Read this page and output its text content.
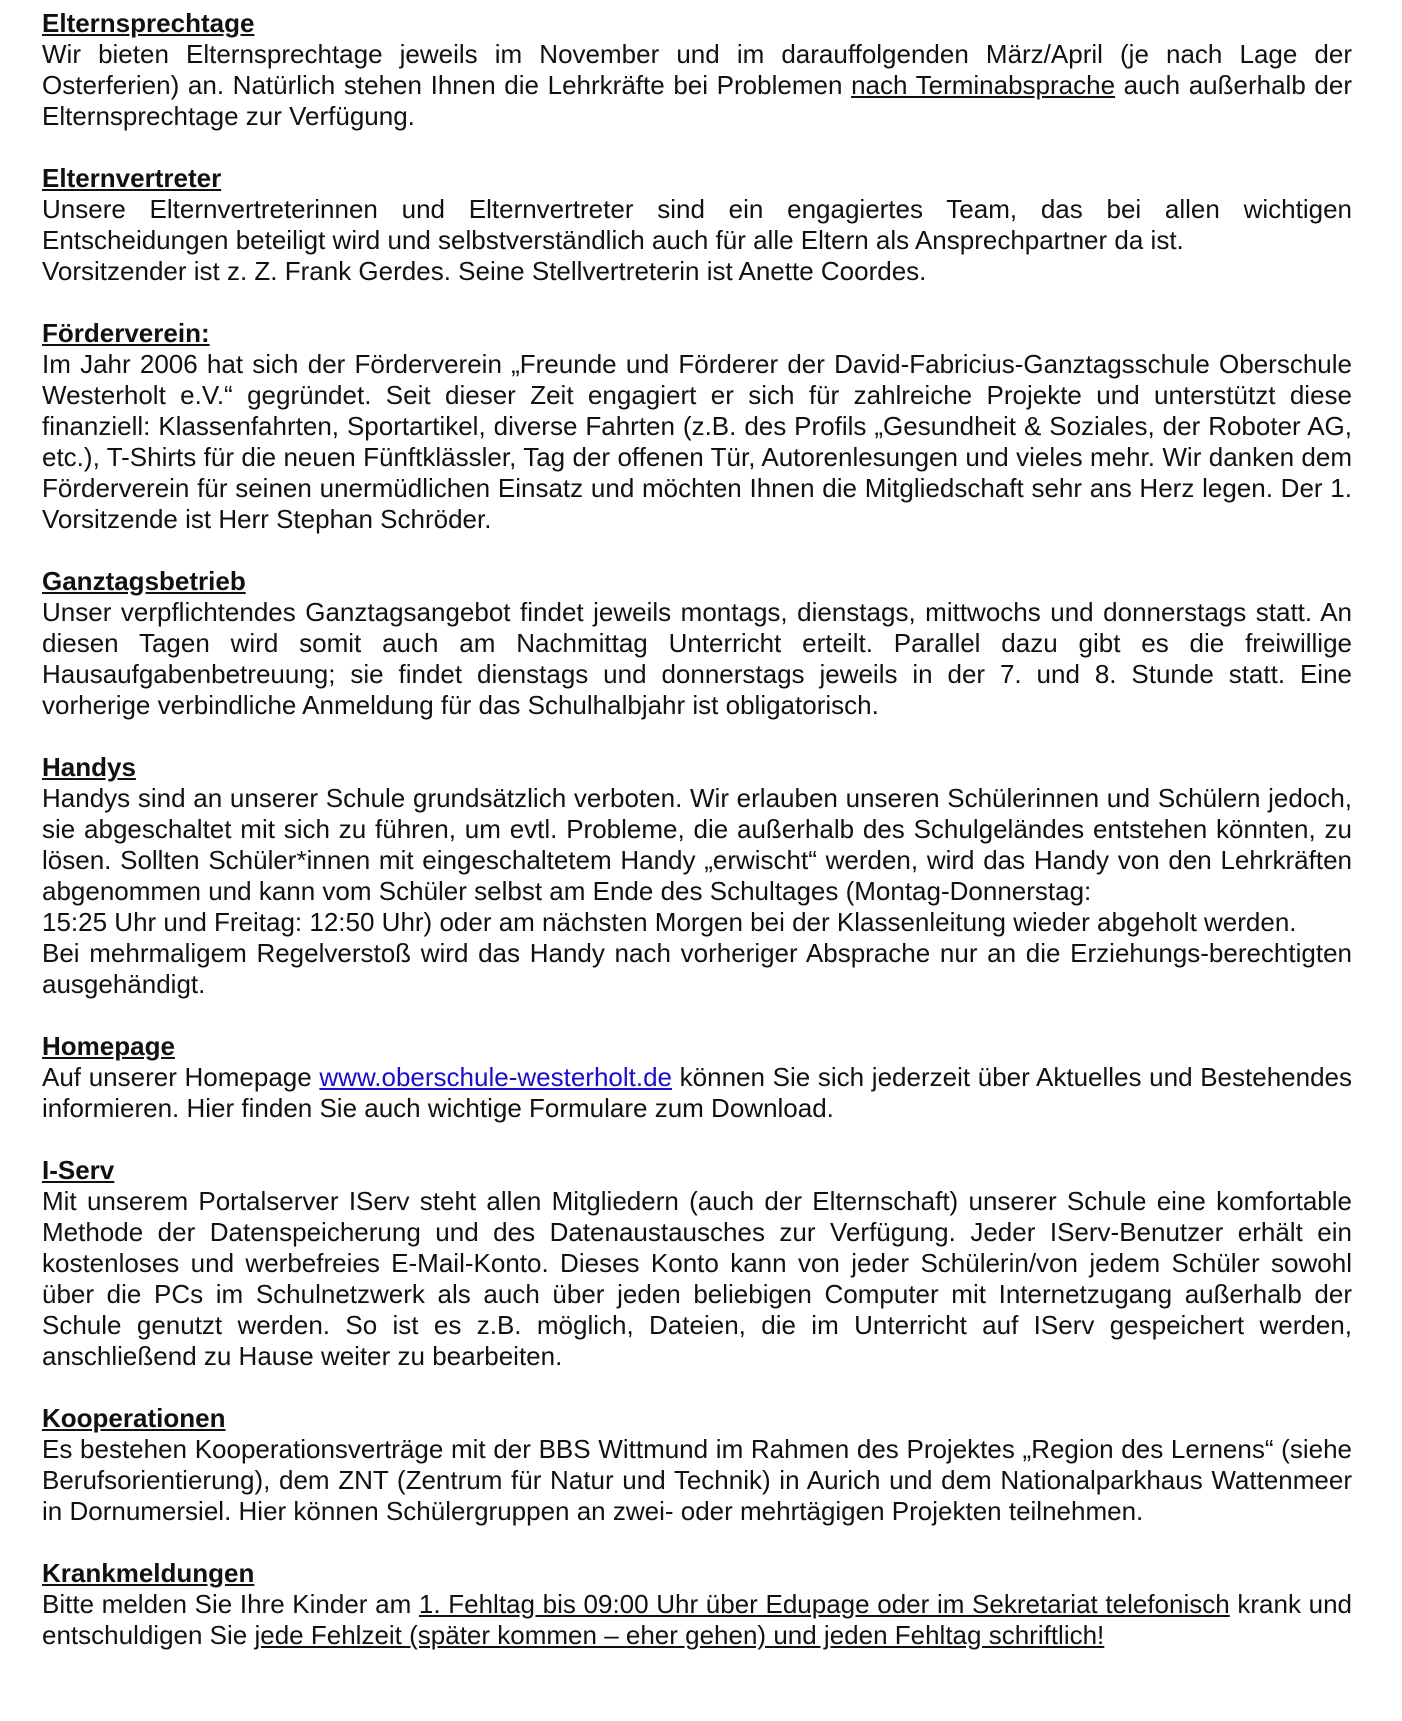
Elternsprechtage

Wir bieten Elternsprechtage jeweils im November und im darauffolgenden März/April (je nach Lage der Osterferien) an. Natürlich stehen Ihnen die Lehrkräfte bei Problemen nach Terminabsprache auch außerhalb der Elternsprechtage zur Verfügung.

Elternvertreter

Unsere Elternvertreterinnen und Elternvertreter sind ein engagiertes Team, das bei allen wichtigen Entscheidungen beteiligt wird und selbstverständlich auch für alle Eltern als Ansprechpartner da ist.

Vorsitzender ist z. Z. Frank Gerdes. Seine Stellvertreterin ist Anette Coordes.

Förderverein:

Im Jahr 2006 hat sich der Förderverein „Freunde und Förderer der David-Fabricius-Ganztagsschule Oberschule Westerholt e.V.“ gegründet. Seit dieser Zeit engagiert er sich für zahlreiche Projekte und unterstützt diese finanziell: Klassenfahrten, Sportartikel, diverse Fahrten (z.B. des Profils „Gesundheit & Soziales, der Roboter AG, etc.), T-Shirts für die neuen Fünftklässler, Tag der offenen Tür, Autorenlesungen und vieles mehr. Wir danken dem Förderverein für seinen unermüdlichen Einsatz und möchten Ihnen die Mitgliedschaft sehr ans Herz legen. Der 1. Vorsitzende ist Herr Stephan Schröder.

Ganztagsbetrieb

Unser verpflichtendes Ganztagsangebot findet jeweils montags, dienstags, mittwochs und donnerstags statt. An diesen Tagen wird somit auch am Nachmittag Unterricht erteilt. Parallel dazu gibt es die freiwillige Hausaufgabenbetreuung; sie findet dienstags und donnerstags jeweils in der 7. und 8. Stunde statt. Eine vorherige verbindliche Anmeldung für das Schulhalbjahr ist obligatorisch.

Handys

Handys sind an unserer Schule grundsätzlich verboten. Wir erlauben unseren Schülerinnen und Schülern jedoch, sie abgeschaltet mit sich zu führen, um evtl. Probleme, die außerhalb des Schulgeländes entstehen könnten, zu lösen. Sollten Schüler*innen mit eingeschaltetem Handy „erwischt“ werden, wird das Handy von den Lehrkräften abgenommen und kann vom Schüler selbst am Ende des Schultages (Montag-Donnerstag:

15:25 Uhr und Freitag: 12:50 Uhr) oder am nächsten Morgen bei der Klassenleitung wieder abgeholt werden.

Bei mehrmaligem Regelverstoß wird das Handy nach vorheriger Absprache nur an die Erziehungs-berechtigten ausgehändigt.

Homepage

Auf unserer Homepage www.oberschule-westerholt.de können Sie sich jederzeit über Aktuelles und Bestehendes informieren. Hier finden Sie auch wichtige Formulare zum Download.

I-Serv

Mit unserem Portalserver IServ steht allen Mitgliedern (auch der Elternschaft) unserer Schule eine komfortable Methode der Datenspeicherung und des Datenaustausches zur Verfügung. Jeder IServ-Benutzer erhält ein kostenloses und werbefreies E-Mail-Konto. Dieses Konto kann von jeder Schülerin/von jedem Schüler sowohl über die PCs im Schulnetzwerk als auch über jeden beliebigen Computer mit Internetzugang außerhalb der Schule genutzt werden. So ist es z.B. möglich, Dateien, die im Unterricht auf IServ gespeichert werden, anschließend zu Hause weiter zu bearbeiten.

Kooperationen

Es bestehen Kooperationsverträge mit der BBS Wittmund im Rahmen des Projektes „Region des Lernens“ (siehe Berufsorientierung), dem ZNT (Zentrum für Natur und Technik) in Aurich und dem Nationalparkhaus Wattenmeer in Dornumersiel. Hier können Schülergruppen an zwei- oder mehrtägigen Projekten teilnehmen.

Krankmeldungen

Bitte melden Sie Ihre Kinder am 1. Fehltag bis 09:00 Uhr über Edupage oder im Sekretariat telefonisch krank und entschuldigen Sie jede Fehlzeit (später kommen – eher gehen) und jeden Fehltag schriftlich!
